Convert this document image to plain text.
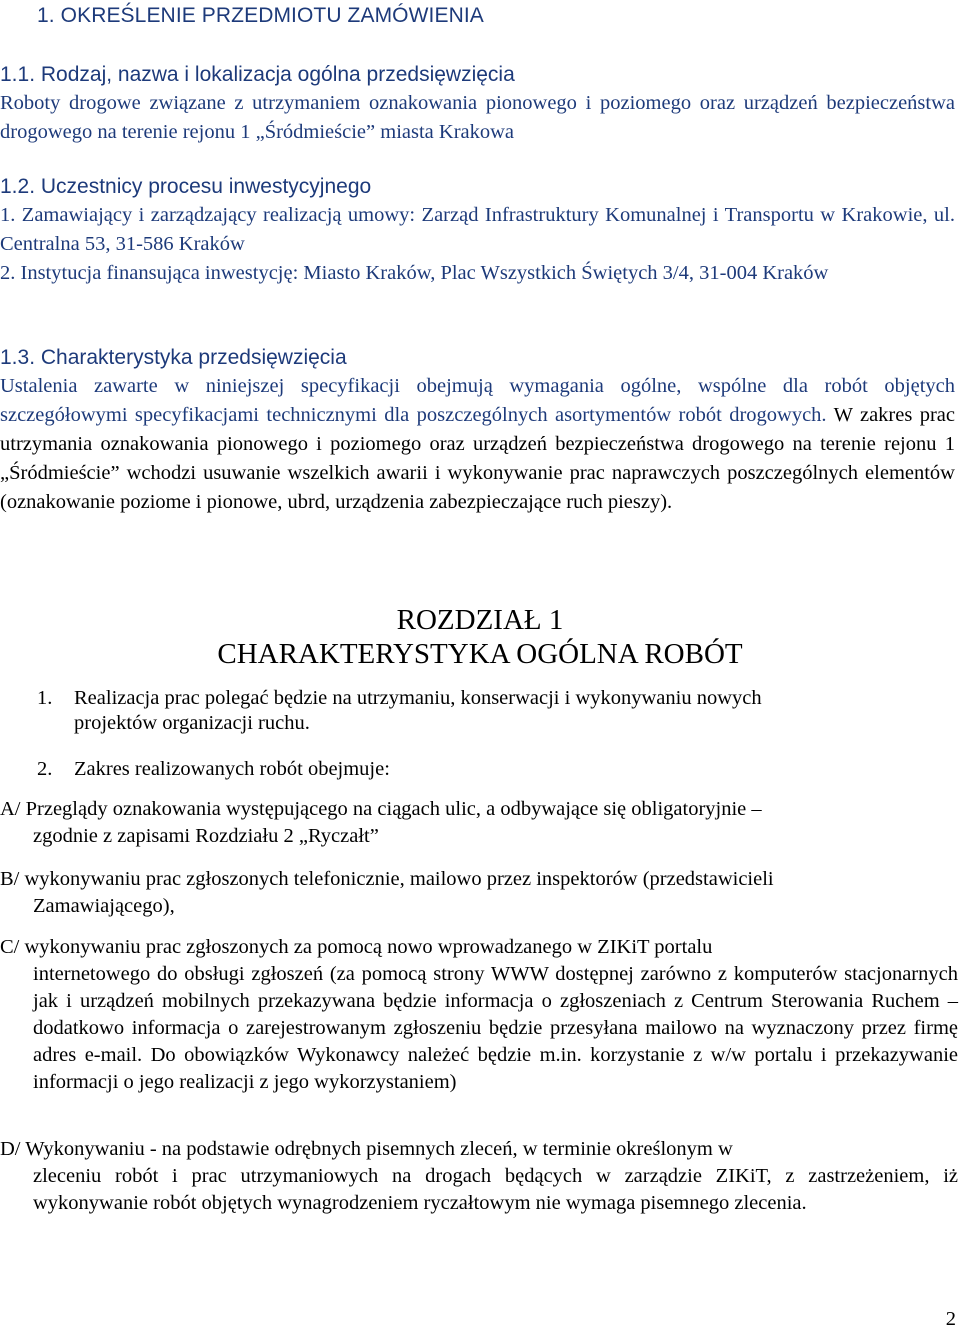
1. OKREŚLENIE PRZEDMIOTU ZAMÓWIENIA
1.1. Rodzaj, nazwa i lokalizacja ogólna przedsięwzięcia
Roboty drogowe związane z utrzymaniem oznakowania pionowego i poziomego oraz urządzeń bezpieczeństwa drogowego na terenie rejonu 1 „Śródmieście” miasta Krakowa
1.2. Uczestnicy procesu inwestycyjnego
1. Zamawiający i zarządzający realizacją umowy: Zarząd Infrastruktury Komunalnej i Transportu w Krakowie, ul. Centralna 53, 31-586 Kraków
2. Instytucja finansująca inwestycję: Miasto Kraków, Plac Wszystkich Świętych 3/4, 31-004 Kraków
1.3. Charakterystyka przedsięwzięcia
Ustalenia zawarte w niniejszej specyfikacji obejmują wymagania ogólne, wspólne dla robót objętych szczegółowymi specyfikacjami technicznymi dla poszczególnych asortymentów robót drogowych. W zakres prac utrzymania oznakowania pionowego i poziomego oraz urządzeń bezpieczeństwa drogowego na terenie rejonu 1 „Śródmieście” wchodzi usuwanie wszelkich awarii i wykonywanie prac naprawczych poszczególnych elementów (oznakowanie poziome i pionowe, ubrd, urządzenia zabezpieczające ruch pieszy).
ROZDZIAŁ 1
CHARAKTERYSTYKA OGÓLNA ROBÓT
1. Realizacja prac polegać będzie na utrzymaniu, konserwacji i wykonywaniu nowych
projektów organizacji ruchu.
2. Zakres realizowanych robót obejmuje:
A/ Przeglądy oznakowania występującego na ciągach ulic, a odbywające się obligatoryjnie –
zgodnie z zapisami Rozdziału 2 „Ryczałt”
B/ wykonywaniu prac zgłoszonych telefonicznie, mailowo przez inspektorów (przedstawicieli
Zamawiającego),
C/ wykonywaniu prac zgłoszonych za pomocą nowo wprowadzanego w ZIKiT portalu
internetowego do obsługi zgłoszeń (za pomocą strony WWW dostępnej zarówno z komputerów stacjonarnych jak i urządzeń mobilnych przekazywana będzie informacja o zgłoszeniach z Centrum Sterowania Ruchem – dodatkowo informacja o zarejestrowanym zgłoszeniu będzie przesyłana mailowo na wyznaczony przez firmę adres e-mail. Do obowiązków Wykonawcy należeć będzie m.in. korzystanie z w/w portalu i przekazywanie informacji o jego realizacji z jego wykorzystaniem)
D/ Wykonywaniu - na podstawie odrębnych pisemnych zleceń, w terminie określonym w
zleceniu robót i prac utrzymaniowych na drogach będących w zarządzie ZIKiT, z zastrzeżeniem, iż wykonywanie robót objętych wynagrodzeniem ryczałtowym nie wymaga pisemnego zlecenia.
2
